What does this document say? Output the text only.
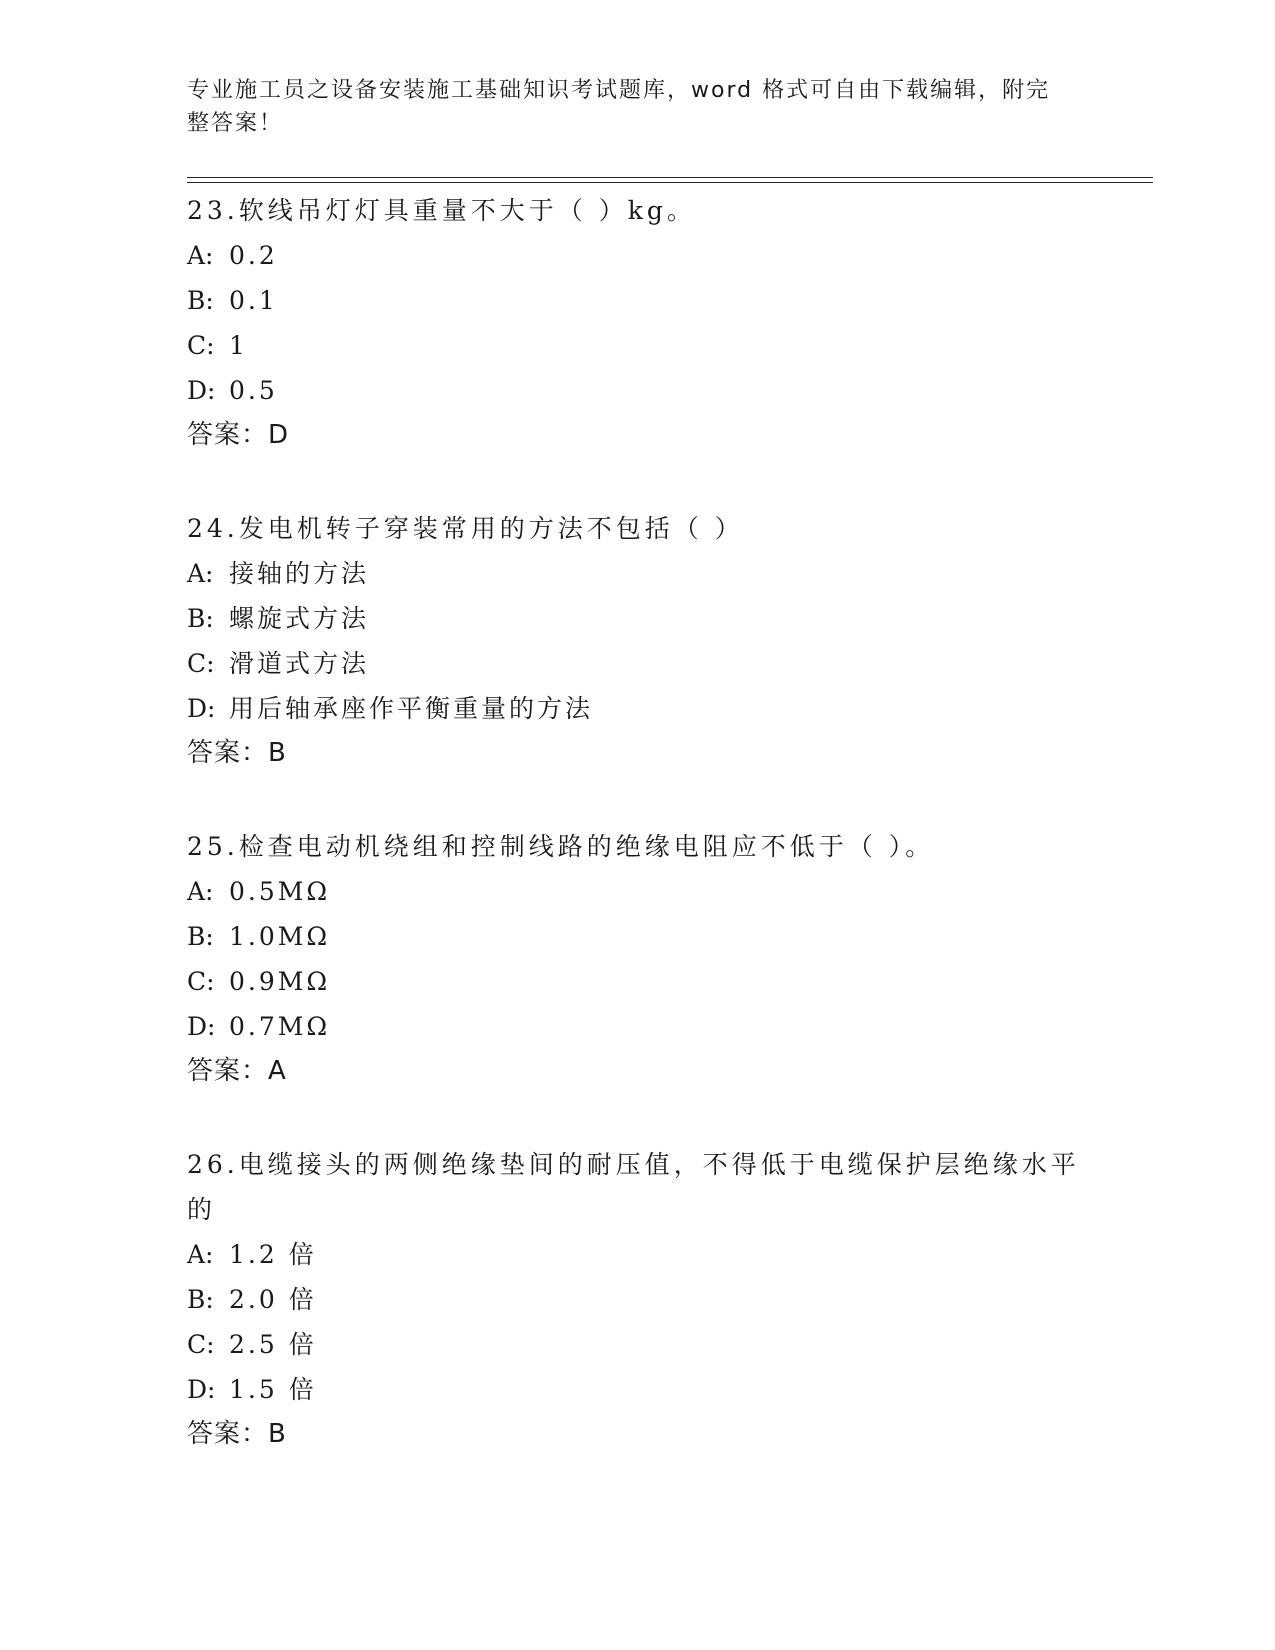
专业施工员之设备安装施工基础知识考试题库，word 格式可自由下载编辑，附完
整答案！

23.软线吊灯灯具重量不大于（ ）kg。

A: 0.2

B: 0.1

C: 1

D: 0.5

答案：D

24.发电机转子穿装常用的方法不包括（ ）

A: 接轴的方法

B: 螺旋式方法

C: 滑道式方法

D: 用后轴承座作平衡重量的方法

答案：B

25.检查电动机绕组和控制线路的绝缘电阻应不低于（ ）。

A: 0.5MΩ

B: 1.0MΩ

C: 0.9MΩ

D: 0.7MΩ

答案：A

26.电缆接头的两侧绝缘垫间的耐压值，不得低于电缆保护层绝缘水平的

A: 1.2 倍

B: 2.0 倍

C: 2.5 倍

D: 1.5 倍

答案：B
